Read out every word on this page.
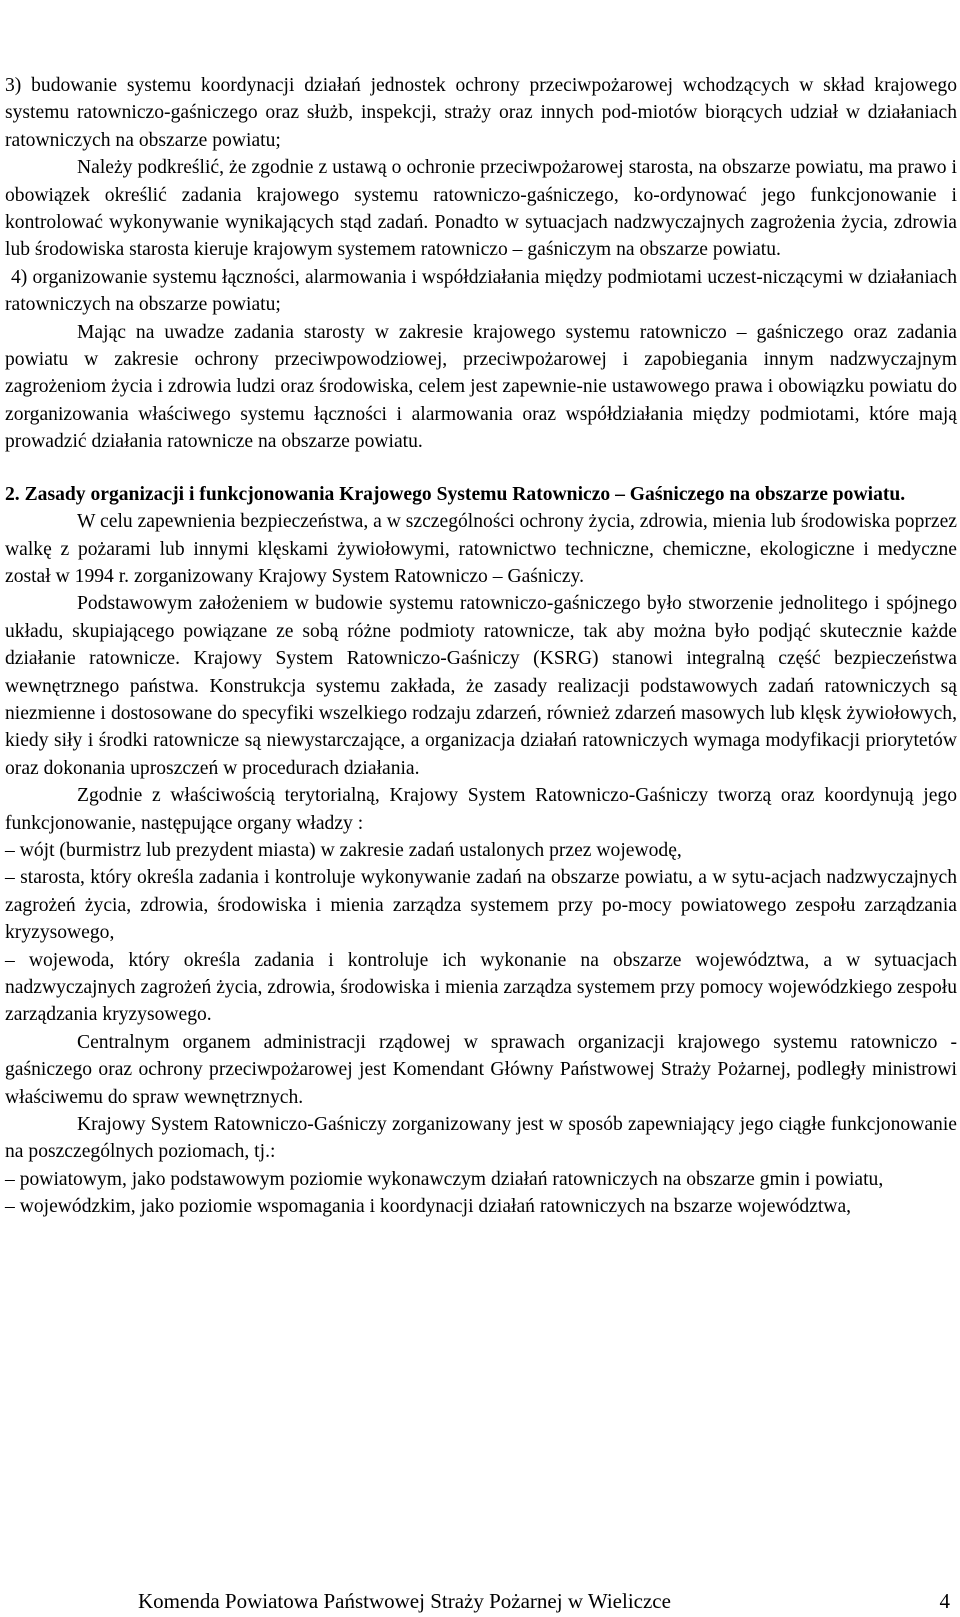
Informacja o stanie bezpieczeństwa Powiatu Wielickiego
w zakresie ochrony przeciwpożarowej w 2010 roku.

3) budowanie systemu koordynacji działań jednostek ochrony przeciwpożarowej wchodzących w skład krajowego systemu ratowniczo-gaśniczego oraz służb, inspekcji, straży oraz innych pod-miotów biorących udział w działaniach ratowniczych na obszarze powiatu;

Należy podkreślić, że zgodnie z ustawą o ochronie przeciwpożarowej starosta, na obszarze powiatu, ma prawo i obowiązek określić zadania krajowego systemu ratowniczo-gaśniczego, ko-ordynować jego funkcjonowanie i kontrolować wykonywanie wynikających stąd zadań. Ponadto w sytuacjach nadzwyczajnych zagrożenia życia, zdrowia lub środowiska starosta kieruje krajowym systemem ratowniczo – gaśniczym na obszarze powiatu.

4) organizowanie systemu łączności, alarmowania i współdziałania między podmiotami uczest-niczącymi w działaniach ratowniczych na obszarze powiatu;

Mając na uwadze zadania starosty w zakresie krajowego systemu ratowniczo – gaśniczego oraz zadania powiatu w zakresie ochrony przeciwpowodziowej, przeciwpożarowej i zapobiegania innym nadzwyczajnym zagrożeniom życia i zdrowia ludzi oraz środowiska, celem jest zapewnie-nie ustawowego prawa i obowiązku powiatu do zorganizowania właściwego systemu łączności i alarmowania oraz współdziałania między podmiotami, które mają prowadzić działania ratownicze na obszarze powiatu.

2. Zasady organizacji i funkcjonowania Krajowego Systemu Ratowniczo – Gaśniczego na obszarze powiatu.

W celu zapewnienia bezpieczeństwa, a w szczególności ochrony życia, zdrowia, mienia lub środowiska poprzez walkę z pożarami lub innymi klęskami żywiołowymi, ratownictwo techniczne, chemiczne, ekologiczne i medyczne został w 1994 r. zorganizowany Krajowy System Ratowniczo – Gaśniczy.

Podstawowym założeniem w budowie systemu ratowniczo-gaśniczego było stworzenie jednolitego i spójnego układu, skupiającego powiązane ze sobą różne podmioty ratownicze, tak aby można było podjąć skutecznie każde działanie ratownicze. Krajowy System Ratowniczo-Gaśniczy (KSRG) stanowi integralną część bezpieczeństwa wewnętrznego państwa. Konstrukcja systemu zakłada, że zasady realizacji podstawowych zadań ratowniczych są niezmienne i dostosowane do specyfiki wszelkiego rodzaju zdarzeń, również zdarzeń masowych lub klęsk żywiołowych, kiedy siły i środki ratownicze są niewystarczające, a organizacja działań ratowniczych wymaga modyfikacji priorytetów oraz dokonania uproszczeń w procedurach działania.

Zgodnie z właściwością terytorialną, Krajowy System Ratowniczo-Gaśniczy tworzą oraz koordynują jego funkcjonowanie, następujące organy władzy :

– wójt (burmistrz lub prezydent miasta) w zakresie zadań ustalonych przez wojewodę,

– starosta, który określa zadania i kontroluje wykonywanie zadań na obszarze powiatu, a w sytu-acjach nadzwyczajnych zagrożeń życia, zdrowia, środowiska i mienia zarządza systemem przy po-mocy powiatowego zespołu zarządzania kryzysowego,

– wojewoda, który określa zadania i kontroluje ich wykonanie na obszarze województwa, a w sytuacjach nadzwyczajnych zagrożeń życia, zdrowia, środowiska i mienia zarządza systemem przy pomocy wojewódzkiego zespołu zarządzania kryzysowego.

Centralnym organem administracji rządowej w sprawach organizacji krajowego systemu ratowniczo - gaśniczego oraz ochrony przeciwpożarowej jest Komendant Główny Państwowej Straży Pożarnej, podległy ministrowi właściwemu do spraw wewnętrznych.

Krajowy System Ratowniczo-Gaśniczy zorganizowany jest w sposób zapewniający jego ciągłe funkcjonowanie na poszczególnych poziomach, tj.:

– powiatowym, jako podstawowym poziomie wykonawczym działań ratowniczych na obszarze gmin i powiatu,

– wojewódzkim, jako poziomie wspomagania i koordynacji działań ratowniczych na bszarze województwa,

Komenda Powiatowa Państwowej Straży Pożarnej w Wieliczce	4
